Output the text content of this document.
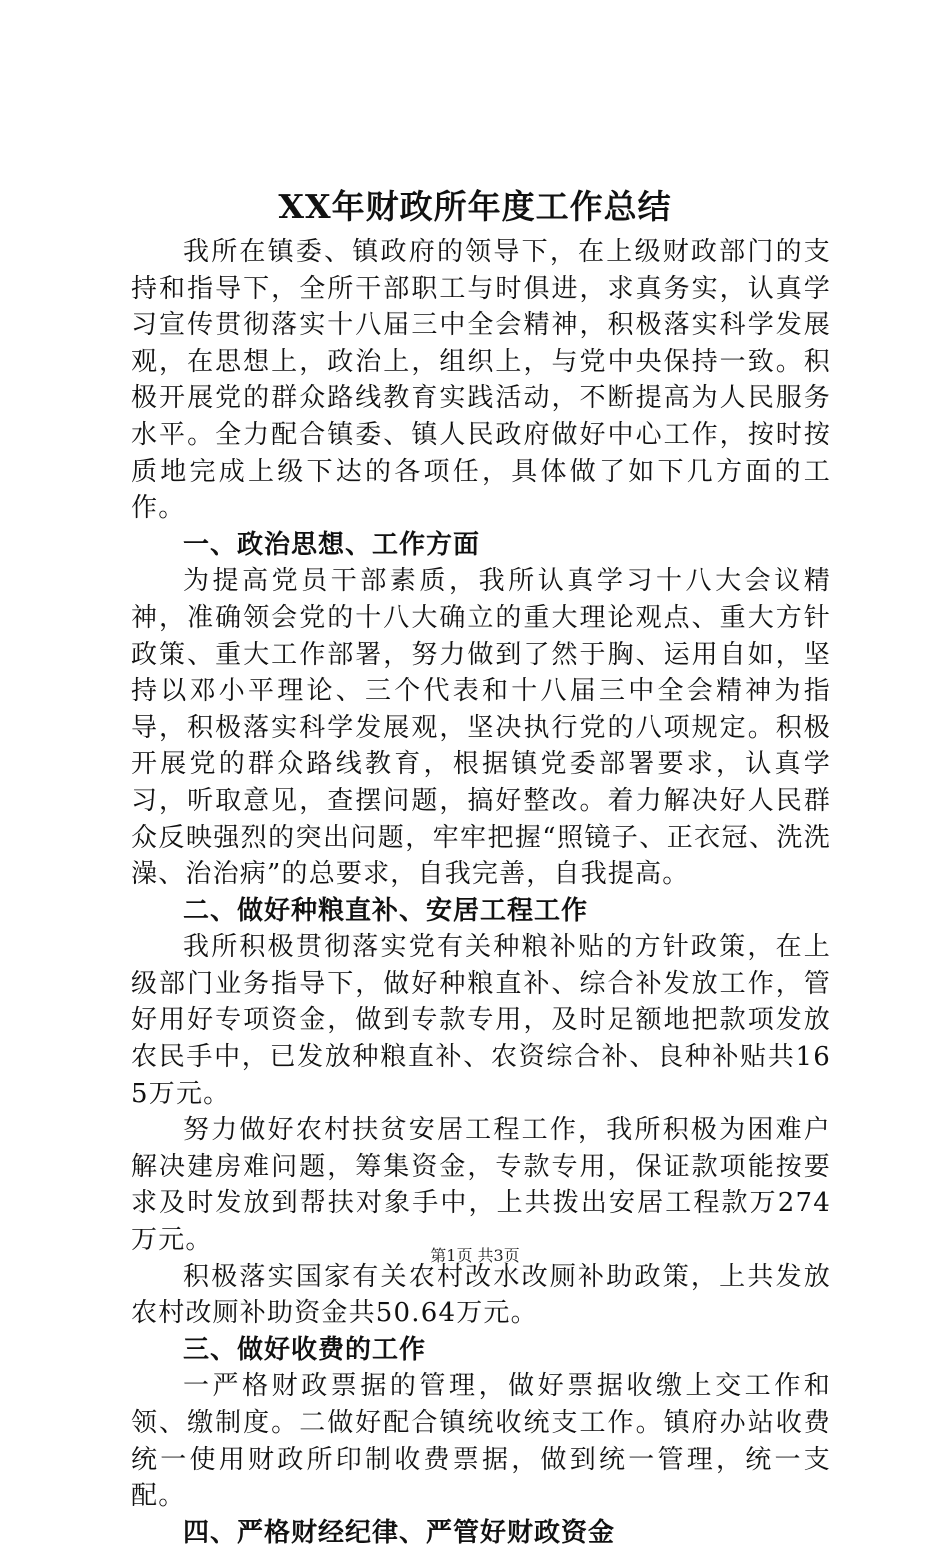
XX年财政所年度工作总结

我所在镇委、镇政府的领导下，在上级财政部门的支持和指导下，全所干部职工与时俱进，求真务实，认真学习宣传贯彻落实十八届三中全会精神，积极落实科学发展观，在思想上，政治上，组织上，与党中央保持一致。积极开展党的群众路线教育实践活动，不断提高为人民服务水平。全力配合镇委、镇人民政府做好中心工作，按时按质地完成上级下达的各项任，具体做了如下几方面的工作。

一、政治思想、工作方面

为提高党员干部素质，我所认真学习十八大会议精神，准确领会党的十八大确立的重大理论观点、重大方针政策、重大工作部署，努力做到了然于胸、运用自如，坚持以邓小平理论、三个代表和十八届三中全会精神为指导，积极落实科学发展观，坚决执行党的八项规定。积极开展党的群众路线教育，根据镇党委部署要求，认真学习，听取意见，查摆问题，搞好整改。着力解决好人民群众反映强烈的突出问题，牢牢把握“照镜子、正衣冠、洗洗澡、治治病”的总要求，自我完善，自我提高。

二、做好种粮直补、安居工程工作

我所积极贯彻落实党有关种粮补贴的方针政策，在上级部门业务指导下，做好种粮直补、综合补发放工作，管好用好专项资金，做到专款专用，及时足额地把款项发放农民手中，已发放种粮直补、农资综合补、良种补贴共165万元。

努力做好农村扶贫安居工程工作，我所积极为困难户解决建房难问题，筹集资金，专款专用，保证款项能按要求及时发放到帮扶对象手中，上共拨出安居工程款万274万元。

积极落实国家有关农村改水改厕补助政策，上共发放农村改厕补助资金共50.64万元。

三、做好收费的工作

一严格财政票据的管理，做好票据收缴上交工作和领、缴制度。二做好配合镇统收统支工作。镇府办站收费统一使用财政所印制收费票据，做到统一管理，统一支配。

四、严格财经纪律、严管好财政资金

第1页 共3页
